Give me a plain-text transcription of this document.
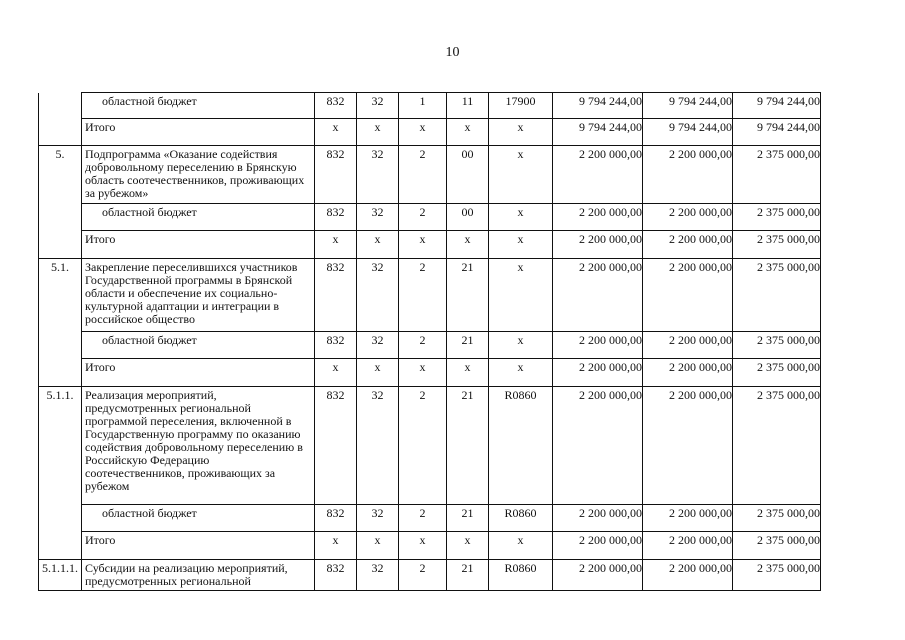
10
	областной бюджет	832	32	1	11	17900	9 794 244,00	9 794 244,00	9 794 244,00
	Итого	х	х	х	х	х	9 794 244,00	9 794 244,00	9 794 244,00
5.	Подпрограмма «Оказание содействия добровольному переселению в Брянскую область соотечественников, проживающих за рубежом»	832	32	2	00	х	2 200 000,00	2 200 000,00	2 375 000,00
	областной бюджет	832	32	2	00	х	2 200 000,00	2 200 000,00	2 375 000,00
	Итого	х	х	х	х	х	2 200 000,00	2 200 000,00	2 375 000,00
5.1.	Закрепление переселившихся участников Государственной программы в Брянской области и обеспечение их социально-культурной адаптации и интеграции в российское общество	832	32	2	21	х	2 200 000,00	2 200 000,00	2 375 000,00
	областной бюджет	832	32	2	21	х	2 200 000,00	2 200 000,00	2 375 000,00
	Итого	х	х	х	х	х	2 200 000,00	2 200 000,00	2 375 000,00
5.1.1.	Реализация мероприятий, предусмотренных региональной программой переселения, включенной в Государственную программу по оказанию содействия добровольному переселению в Российскую Федерацию соотечественников, проживающих за рубежом	832	32	2	21	R0860	2 200 000,00	2 200 000,00	2 375 000,00
	областной бюджет	832	32	2	21	R0860	2 200 000,00	2 200 000,00	2 375 000,00
	Итого	х	х	х	х	х	2 200 000,00	2 200 000,00	2 375 000,00
5.1.1.1.	Субсидии на реализацию мероприятий, предусмотренных региональной	832	32	2	21	R0860	2 200 000,00	2 200 000,00	2 375 000,00
